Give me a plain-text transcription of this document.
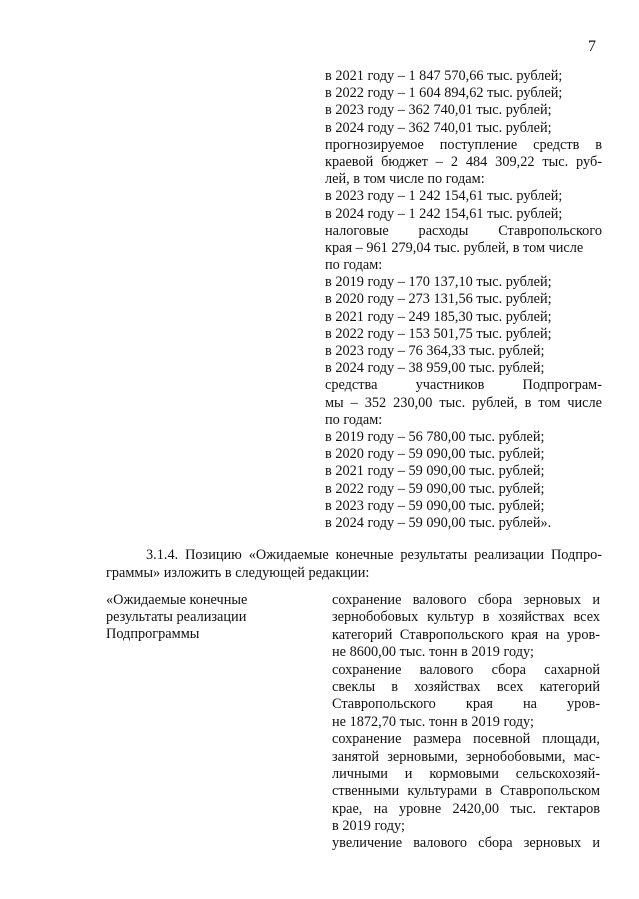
7
в 2021 году – 1 847 570,66 тыс. рублей;
в 2022 году – 1 604 894,62 тыс. рублей;
в 2023 году – 362 740,01 тыс. рублей;
в 2024 году – 362 740,01 тыс. рублей;
прогнозируемое поступление средств в
краевой бюджет – 2 484 309,22 тыс. руб-
лей, в том числе по годам:
в 2023 году – 1 242 154,61 тыс. рублей;
в 2024 году – 1 242 154,61 тыс. рублей;
налоговые расходы Ставропольского
края – 961 279,04 тыс. рублей, в том числе
по годам:
в 2019 году – 170 137,10 тыс. рублей;
в 2020 году – 273 131,56 тыс. рублей;
в 2021 году – 249 185,30 тыс. рублей;
в 2022 году – 153 501,75 тыс. рублей;
в 2023 году – 76 364,33 тыс. рублей;
в 2024 году – 38 959,00 тыс. рублей;
средства участников Подпрограм-
мы – 352 230,00 тыс. рублей, в том числе
по годам:
в 2019 году – 56 780,00 тыс. рублей;
в 2020 году – 59 090,00 тыс. рублей;
в 2021 году – 59 090,00 тыс. рублей;
в 2022 году – 59 090,00 тыс. рублей;
в 2023 году – 59 090,00 тыс. рублей;
в 2024 году – 59 090,00 тыс. рублей».
3.1.4. Позицию «Ожидаемые конечные результаты реализации Подпро-
граммы» изложить в следующей редакции:
«Ожидаемые конечные
результаты реализации
Подпрограммы
сохранение валового сбора зерновых и
зернобобовых культур в хозяйствах всех
категорий Ставропольского края на уров-
не 8600,00 тыс. тонн в 2019 году;
сохранение валового сбора сахарной
свеклы в хозяйствах всех категорий
Ставропольского края на уров-
не 1872,70 тыс. тонн в 2019 году;
сохранение размера посевной площади,
занятой зерновыми, зернобобовыми, мас-
личными и кормовыми сельскохозяй-
ственными культурами в Ставропольском
крае, на уровне 2420,00 тыс. гектаров
в 2019 году;
увеличение валового сбора зерновых и
